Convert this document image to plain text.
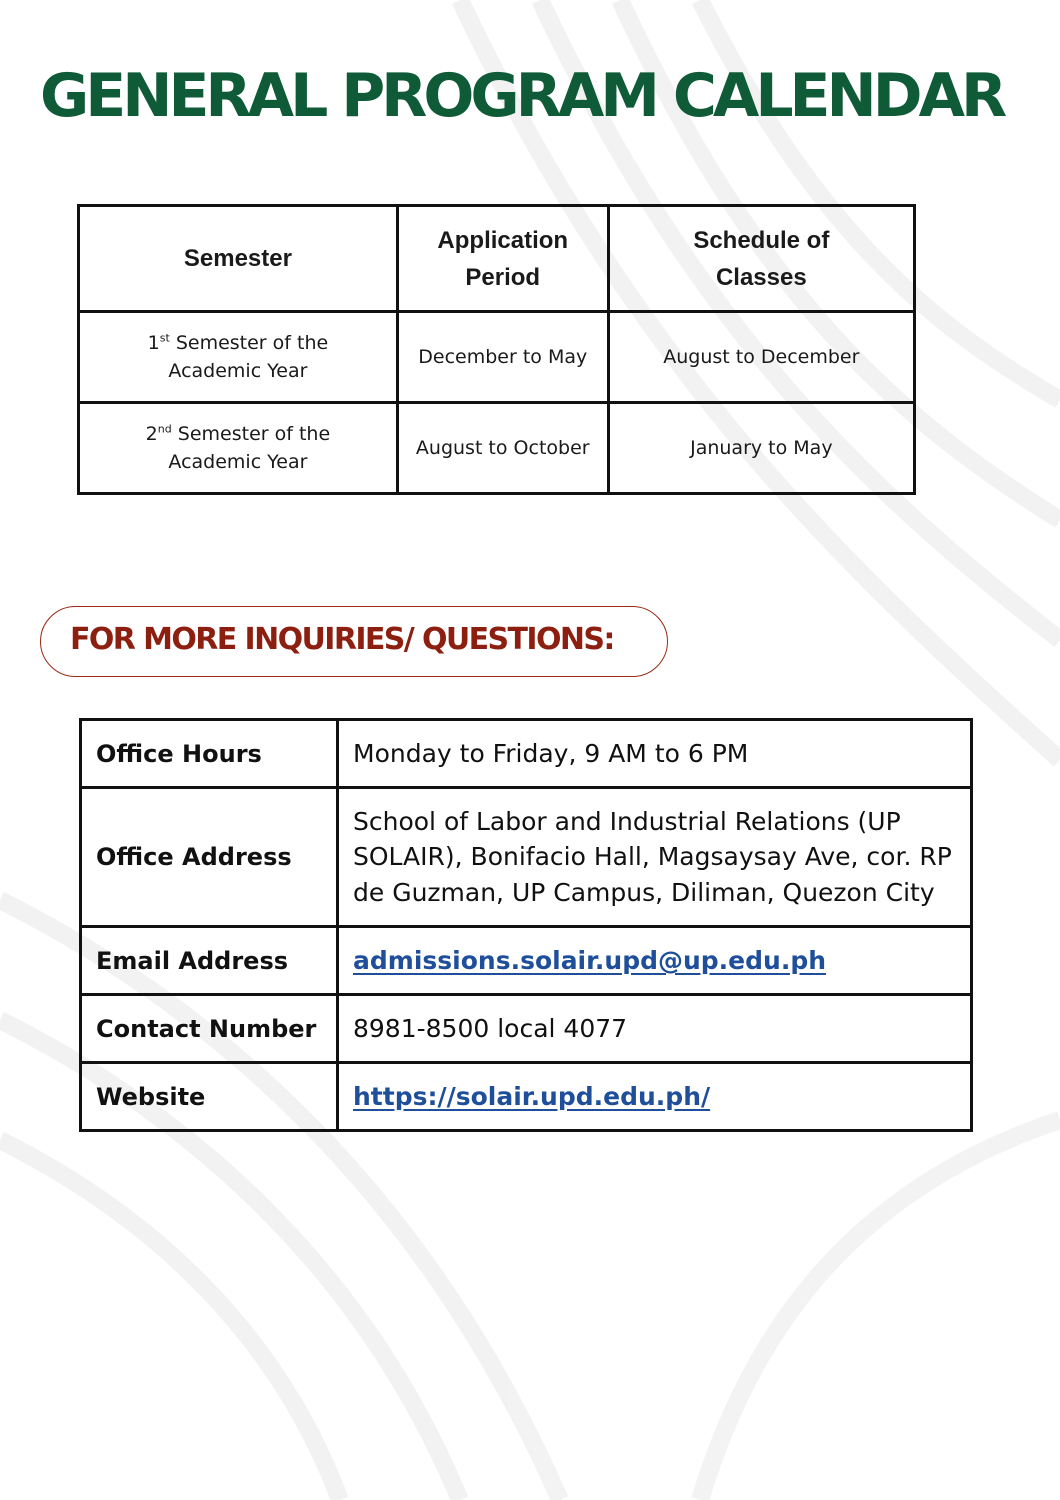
GENERAL PROGRAM CALENDAR
Semester	Application Period	Schedule of Classes
1st Semester of the Academic Year	December to May	August to December
2nd Semester of the Academic Year	August to October	January to May

FOR MORE INQUIRIES/ QUESTIONS:

Office Hours	Monday to Friday, 9 AM to 6 PM
Office Address	School of Labor and Industrial Relations (UP SOLAIR), Bonifacio Hall, Magsaysay Ave, cor. RP de Guzman, UP Campus, Diliman, Quezon City
Email Address	admissions.solair.upd@up.edu.ph
Contact Number	8981-8500 local 4077
Website	https://solair.upd.edu.ph/
